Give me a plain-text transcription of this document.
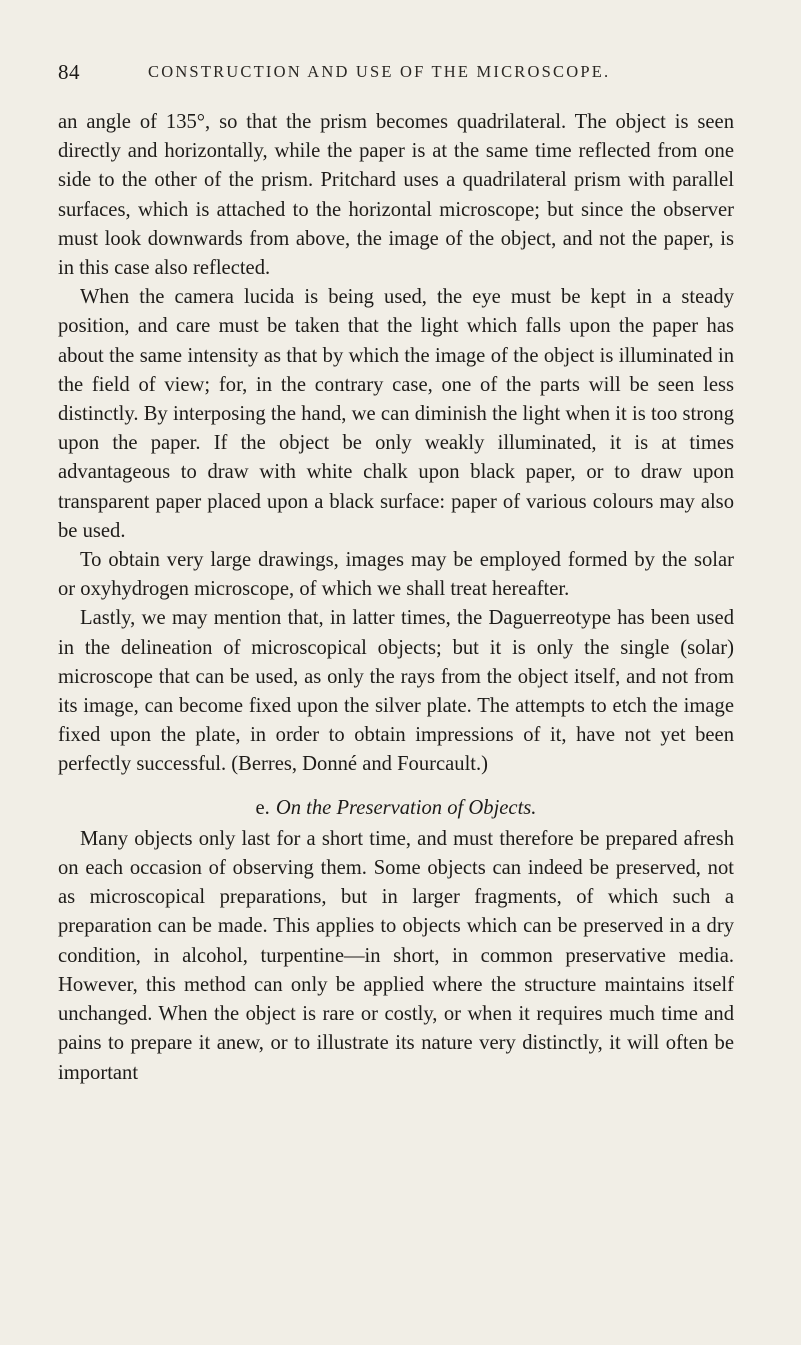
84	CONSTRUCTION AND USE OF THE MICROSCOPE.

an angle of 135°, so that the prism becomes quadrilateral. The object is seen directly and horizontally, while the paper is at the same time reflected from one side to the other of the prism. Pritchard uses a quadrilateral prism with parallel surfaces, which is attached to the horizontal microscope; but since the observer must look downwards from above, the image of the object, and not the paper, is in this case also reflected.

When the camera lucida is being used, the eye must be kept in a steady position, and care must be taken that the light which falls upon the paper has about the same intensity as that by which the image of the object is illuminated in the field of view; for, in the contrary case, one of the parts will be seen less distinctly. By interposing the hand, we can diminish the light when it is too strong upon the paper. If the object be only weakly illuminated, it is at times advantageous to draw with white chalk upon black paper, or to draw upon transparent paper placed upon a black surface: paper of various colours may also be used.

To obtain very large drawings, images may be employed formed by the solar or oxyhydrogen microscope, of which we shall treat hereafter.

Lastly, we may mention that, in latter times, the Daguerreotype has been used in the delineation of microscopical objects; but it is only the single (solar) microscope that can be used, as only the rays from the object itself, and not from its image, can become fixed upon the silver plate. The attempts to etch the image fixed upon the plate, in order to obtain impressions of it, have not yet been perfectly successful. (Berres, Donné and Fourcault.)

e. On the Preservation of Objects.

Many objects only last for a short time, and must therefore be prepared afresh on each occasion of observing them. Some objects can indeed be preserved, not as microscopical preparations, but in larger fragments, of which such a preparation can be made. This applies to objects which can be preserved in a dry condition, in alcohol, turpentine—in short, in common preservative media. However, this method can only be applied where the structure maintains itself unchanged. When the object is rare or costly, or when it requires much time and pains to prepare it anew, or to illustrate its nature very distinctly, it will often be important
